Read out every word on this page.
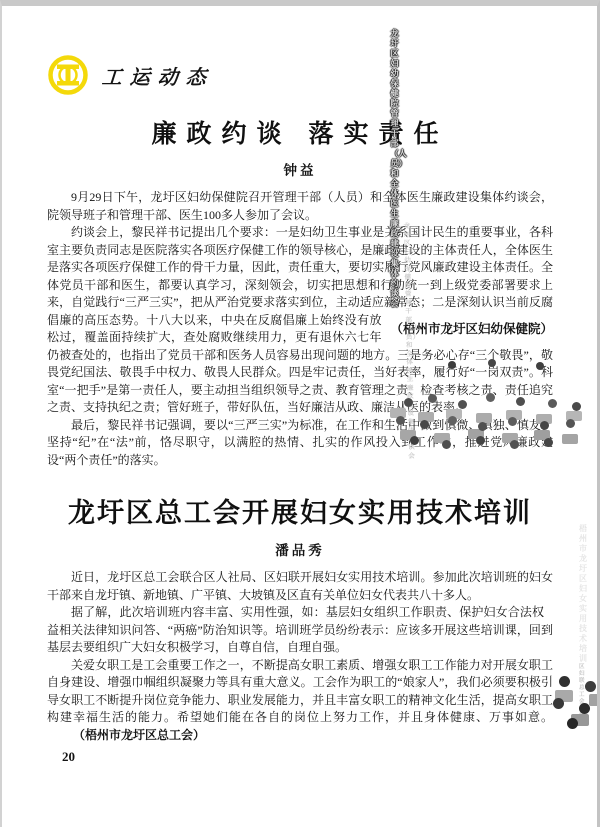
工运动态
廉政约谈 落实责任
钟益

9月29日下午，龙圩区妇幼保健院召开管理干部（人员）和全体医生廉政建设集体约谈会，院领导班子和管理干部、医生100多人参加了会议。

约谈会上，黎民祥书记提出几个要求：一是妇幼卫生事业是关系国计民生的重要事业，各科室主要负责同志是医院落实各项医疗保健工作的领导核心，是廉政建设的主体责任人，全体医生是落实各项医疗保健工作的骨干力量，因此，责任重大，要切实履行党风廉政建设主体责任。全体党员干部和医生，都要认真学习，深刻领会，切实把思想和行动统一到上级党委部署要求上来，自觉践行“三严三实”，把从严治党要求落实到位，主动适应新常态；二是

（梧州市龙圩区妇幼保健院）
深刻认识当前反腐倡廉的高压态势。十八大以来，中央在反腐倡廉上始终没有放松过，覆盖面持续扩大，查处腐败继续用力，更有退休六七年仍被查处的，也指出了党员干部和医务人员容易出现问题的地方。三是务必心存“三个敬畏”，敬畏党纪国法、敬畏手中权力、敬畏人民群众。四是牢记责任，当好表率，履行好“一岗双责”。科室“一把手”是第一责任人，要主动担当组织领导之责、教育管理之责、检查考核之责、责任追究之责、支持执纪之责；管好班子，带好队伍，当好廉洁从政、廉洁从医的表率。

最后，黎民祥书记强调，要以“三严三实”为标准，在工作和生活中做到慎微、慎独、慎友，坚持“纪”在“法”前，恪尽职守，以满腔的热情、扎实的作风投入到工作中，推进党风廉政建设“两个责任”的落实。

龙圩区总工会开展妇女实用技术培训
潘品秀

近日，龙圩区总工会联合区人社局、区妇联开展妇女实用技术培训。参加此次培训班的妇女干部来自龙圩镇、新地镇、广平镇、大坡镇及区直有关单位妇女代表共八十多人。

据了解，此次培训班内容丰富、实用性强，如：基层妇女组织工作职责、保护妇女合法权益相关法律知识问答、“两癌”防治知识等。培训班学员纷纷表示：应该多开展这些培训课，回到基层去要组织广大妇女积极学习，自尊自信，自理自强。

关爱女职工是工会重要工作之一，不断提高女职工素质、增强女职工工作能力对开展女职工自身建设、增强巾帼组织凝聚力等具有重大意义。工会作为职工的“娘家人”，我们必须要积极引导女职工不断提升岗位竞争能力、职业发展能力，并且丰富女职工的精神文化生活，提高女职工构建幸福生活的能力。希望她们能在各自的岗位上努力工作，并且身体健康、万事如意。（梧州市龙圩区总工会）

20
